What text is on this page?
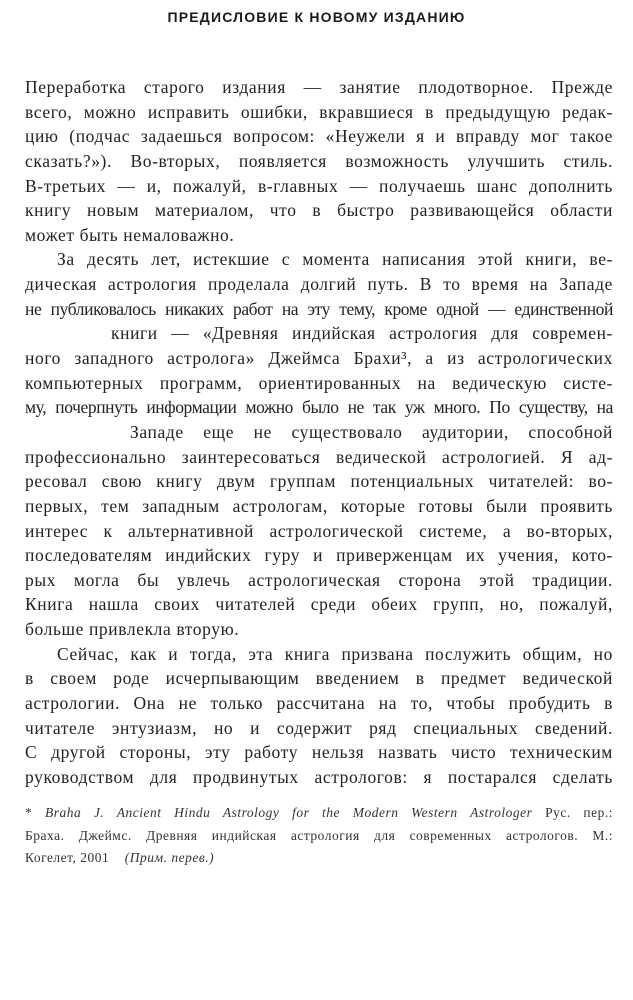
ПРЕДИСЛОВИЕ К НОВОМУ ИЗДАНИЮ
Переработка старого издания — занятие плодотворное. Прежде
всего, можно исправить ошибки, вкравшиеся в предыдущую редак-
цию (подчас задаешься вопросом: «Неужели я и вправду мог такое
сказать?»). Во-вторых, появляется возможность улучшить стиль.
В-третьих — и, пожалуй, в-главных — получаешь шанс дополнить
книгу новым материалом, что в быстро развивающейся области
может быть немаловажно.
За десять лет, истекшие с момента написания этой книги, ве-
дическая астрология проделала долгий путь. В то время на Западе
не публиковалось никаких работ на эту тему, кроме одной — единственной
книги — «Древняя индийская астрология для современ-
ного западного астролога» Джеймса Брахи³, а из астрологических
компьютерных программ, ориентированных на ведическую систе-
му, почерпнуть информации можно было не так уж много. По существу, на
Западе еще не существовало аудитории, способной
профессионально заинтересоваться ведической астрологией. Я ад-
ресовал свою книгу двум группам потенциальных читателей: во-
первых, тем западным астрологам, которые готовы были проявить
интерес к альтернативной астрологической системе, а во-вторых,
последователям индийских гуру и приверженцам их учения, кото-
рых могла бы увлечь астрологическая сторона этой традиции.
Книга нашла своих читателей среди обеих групп, но, пожалуй,
больше привлекла вторую.
Сейчас, как и тогда, эта книга призвана послужить общим, но
в своем роде исчерпывающим введением в предмет ведической
астрологии. Она не только рассчитана на то, чтобы пробудить в
читателе энтузиазм, но и содержит ряд специальных сведений.
С другой стороны, эту работу нельзя назвать чисто техническим
руководством для продвинутых астрологов: я постарался сделать
* Braha J. Ancient Hindu Astrology for the Modern Western Astrologer Рус. пер.:
Браха. Джеймс. Древняя индийская астрология для современных астрологов. М.:
Когелет, 2001 (Прим. перев.)
